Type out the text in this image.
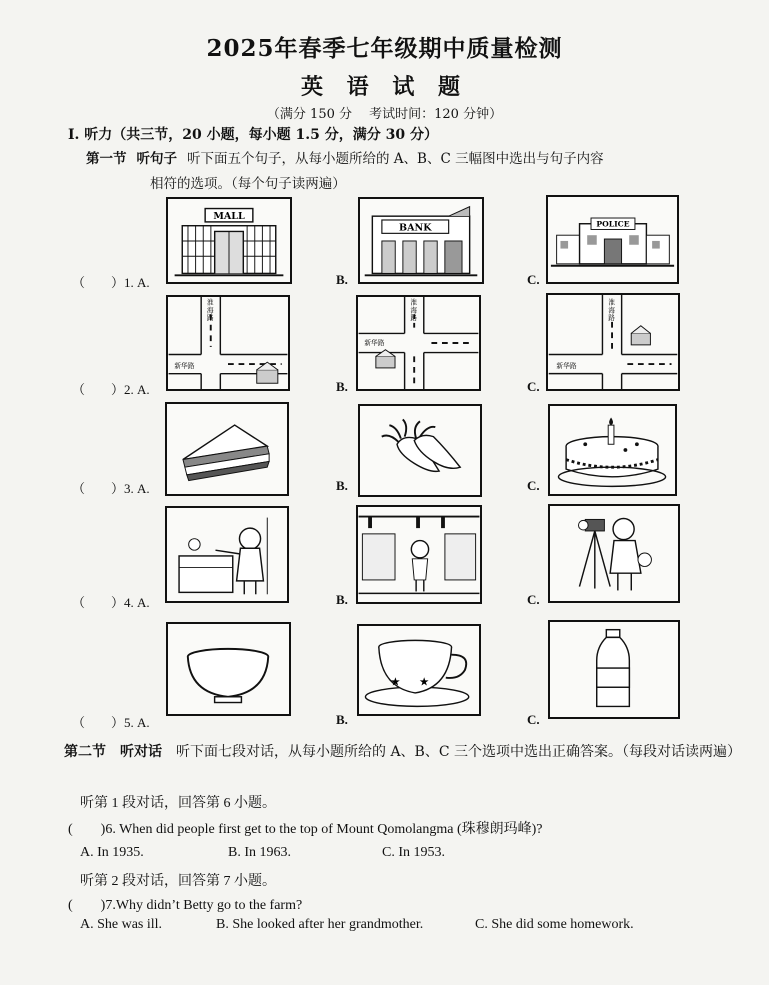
2025年春季七年级期中质量检测
英 语 试 题
（满分 150 分　 考试时间：120 分钟）
I. 听力（共三节，20 小题，每小题 1.5 分，满分 30 分）
第一节 听句子 听下面五个句子，从每小题所给的 A、B、C 三幅图中选出与句子内容
相符的选项。（每个句子读两遍）
（　　）1. A.
MALL
B.
BANK
C.
POLICE
（　　）2. A.
淮海路
新华路
B.
淮海路
新华路
C.
淮海路
新华路
（　　）3. A.	B.	C.
（　　）4. A.	B.	C.
（　　）5. A.	B.
★ ★
C.
第二节 听对话 听下面七段对话，从每小题所给的 A、B、C 三个选项中选出正确答案。（每段对话读两遍）
听第 1 段对话，回答第 6 小题。
(　　)6. When did people first get to the top of Mount Qomolangma (珠穆朗玛峰)?
A. In 1935.	B. In 1963.	C. In 1953.
听第 2 段对话，回答第 7 小题。
(　　)7.Why didn’t Betty go to the farm?
A. She was ill.	B. She looked after her grandmother.	C. She did some homework.
